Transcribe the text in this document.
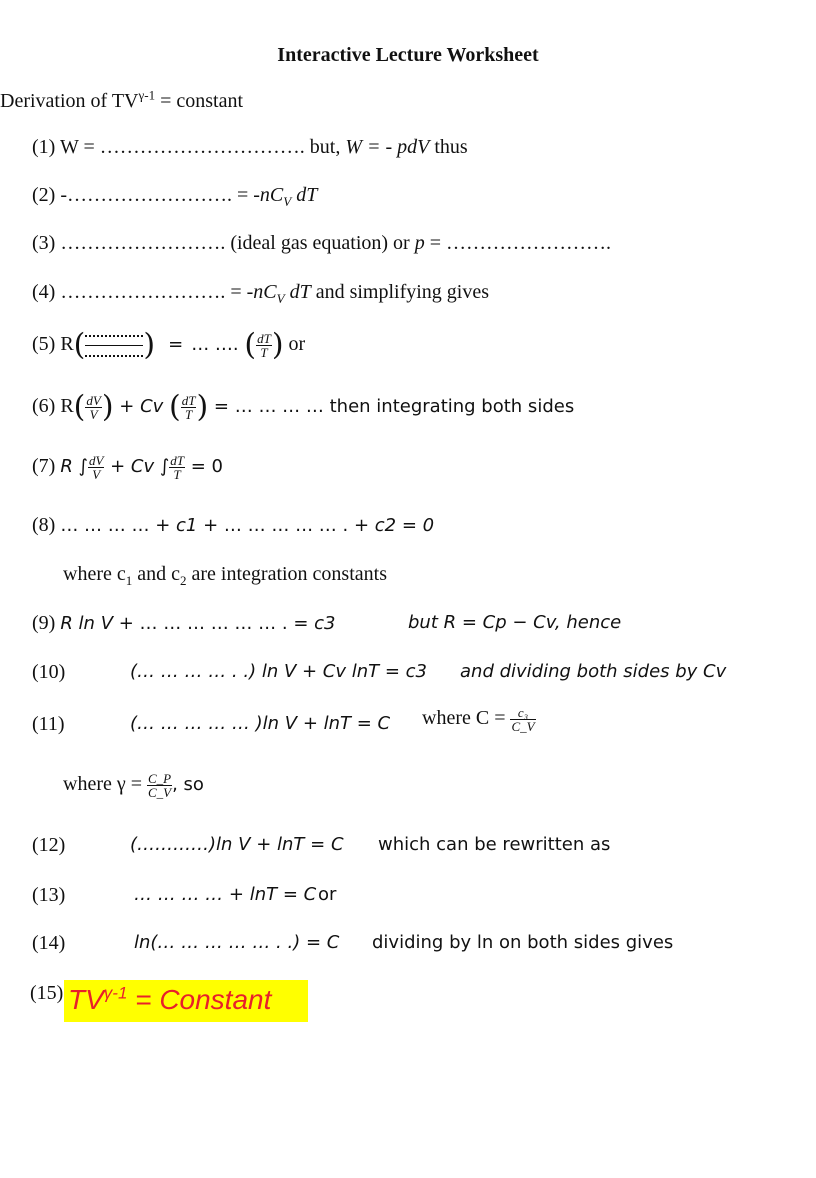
Interactive Lecture Worksheet
Derivation of $TV^{\gamma-1}$ = constant
(1) W = …………………………. but, W = - pdV thus
(2) -……………………. = $-nC_V$ dT
(3) ……………………. (ideal gas equation) or p = …………………….
(4) ……………………. = $-nC_V$ dT and simplifying gives
(5) R( ) = … …. ( $\frac{dT}{T}$ ) or
(6) $R( \frac{dV}{V}$ ) + Cv ( $\frac{dT}{T}$ ) = … … … … then integrating both sides
(7) R ∫ $\frac{dV}{V} + Cv$ ∫ $\frac{dT}{T} = 0$
(8) … … … … + c1 + … … … … … . + c2 = 0
where $c_1$ and $c_2$ are integration constants
(9) R ln V + … … … … … … . = c3	but R = Cp − Cv, hence
(10)	(… … … … . .) ln V + Cv lnT = c3 and dividing both sides by Cv
(11)	(… … … … … )ln V + lnT = C where $C = \frac{\text{c₃}}{C\_V}$
where $\gamma = \frac{C\_P}{C\_V}$ , so
(12)	(…………)ln V + lnT = C which can be rewritten as
(13)	… … … … + lnT = C or
(14)	ln(… … … … … . .) = C dividing by ln on both sides gives
(15) $TV^{\gamma-1}$ = Constant
